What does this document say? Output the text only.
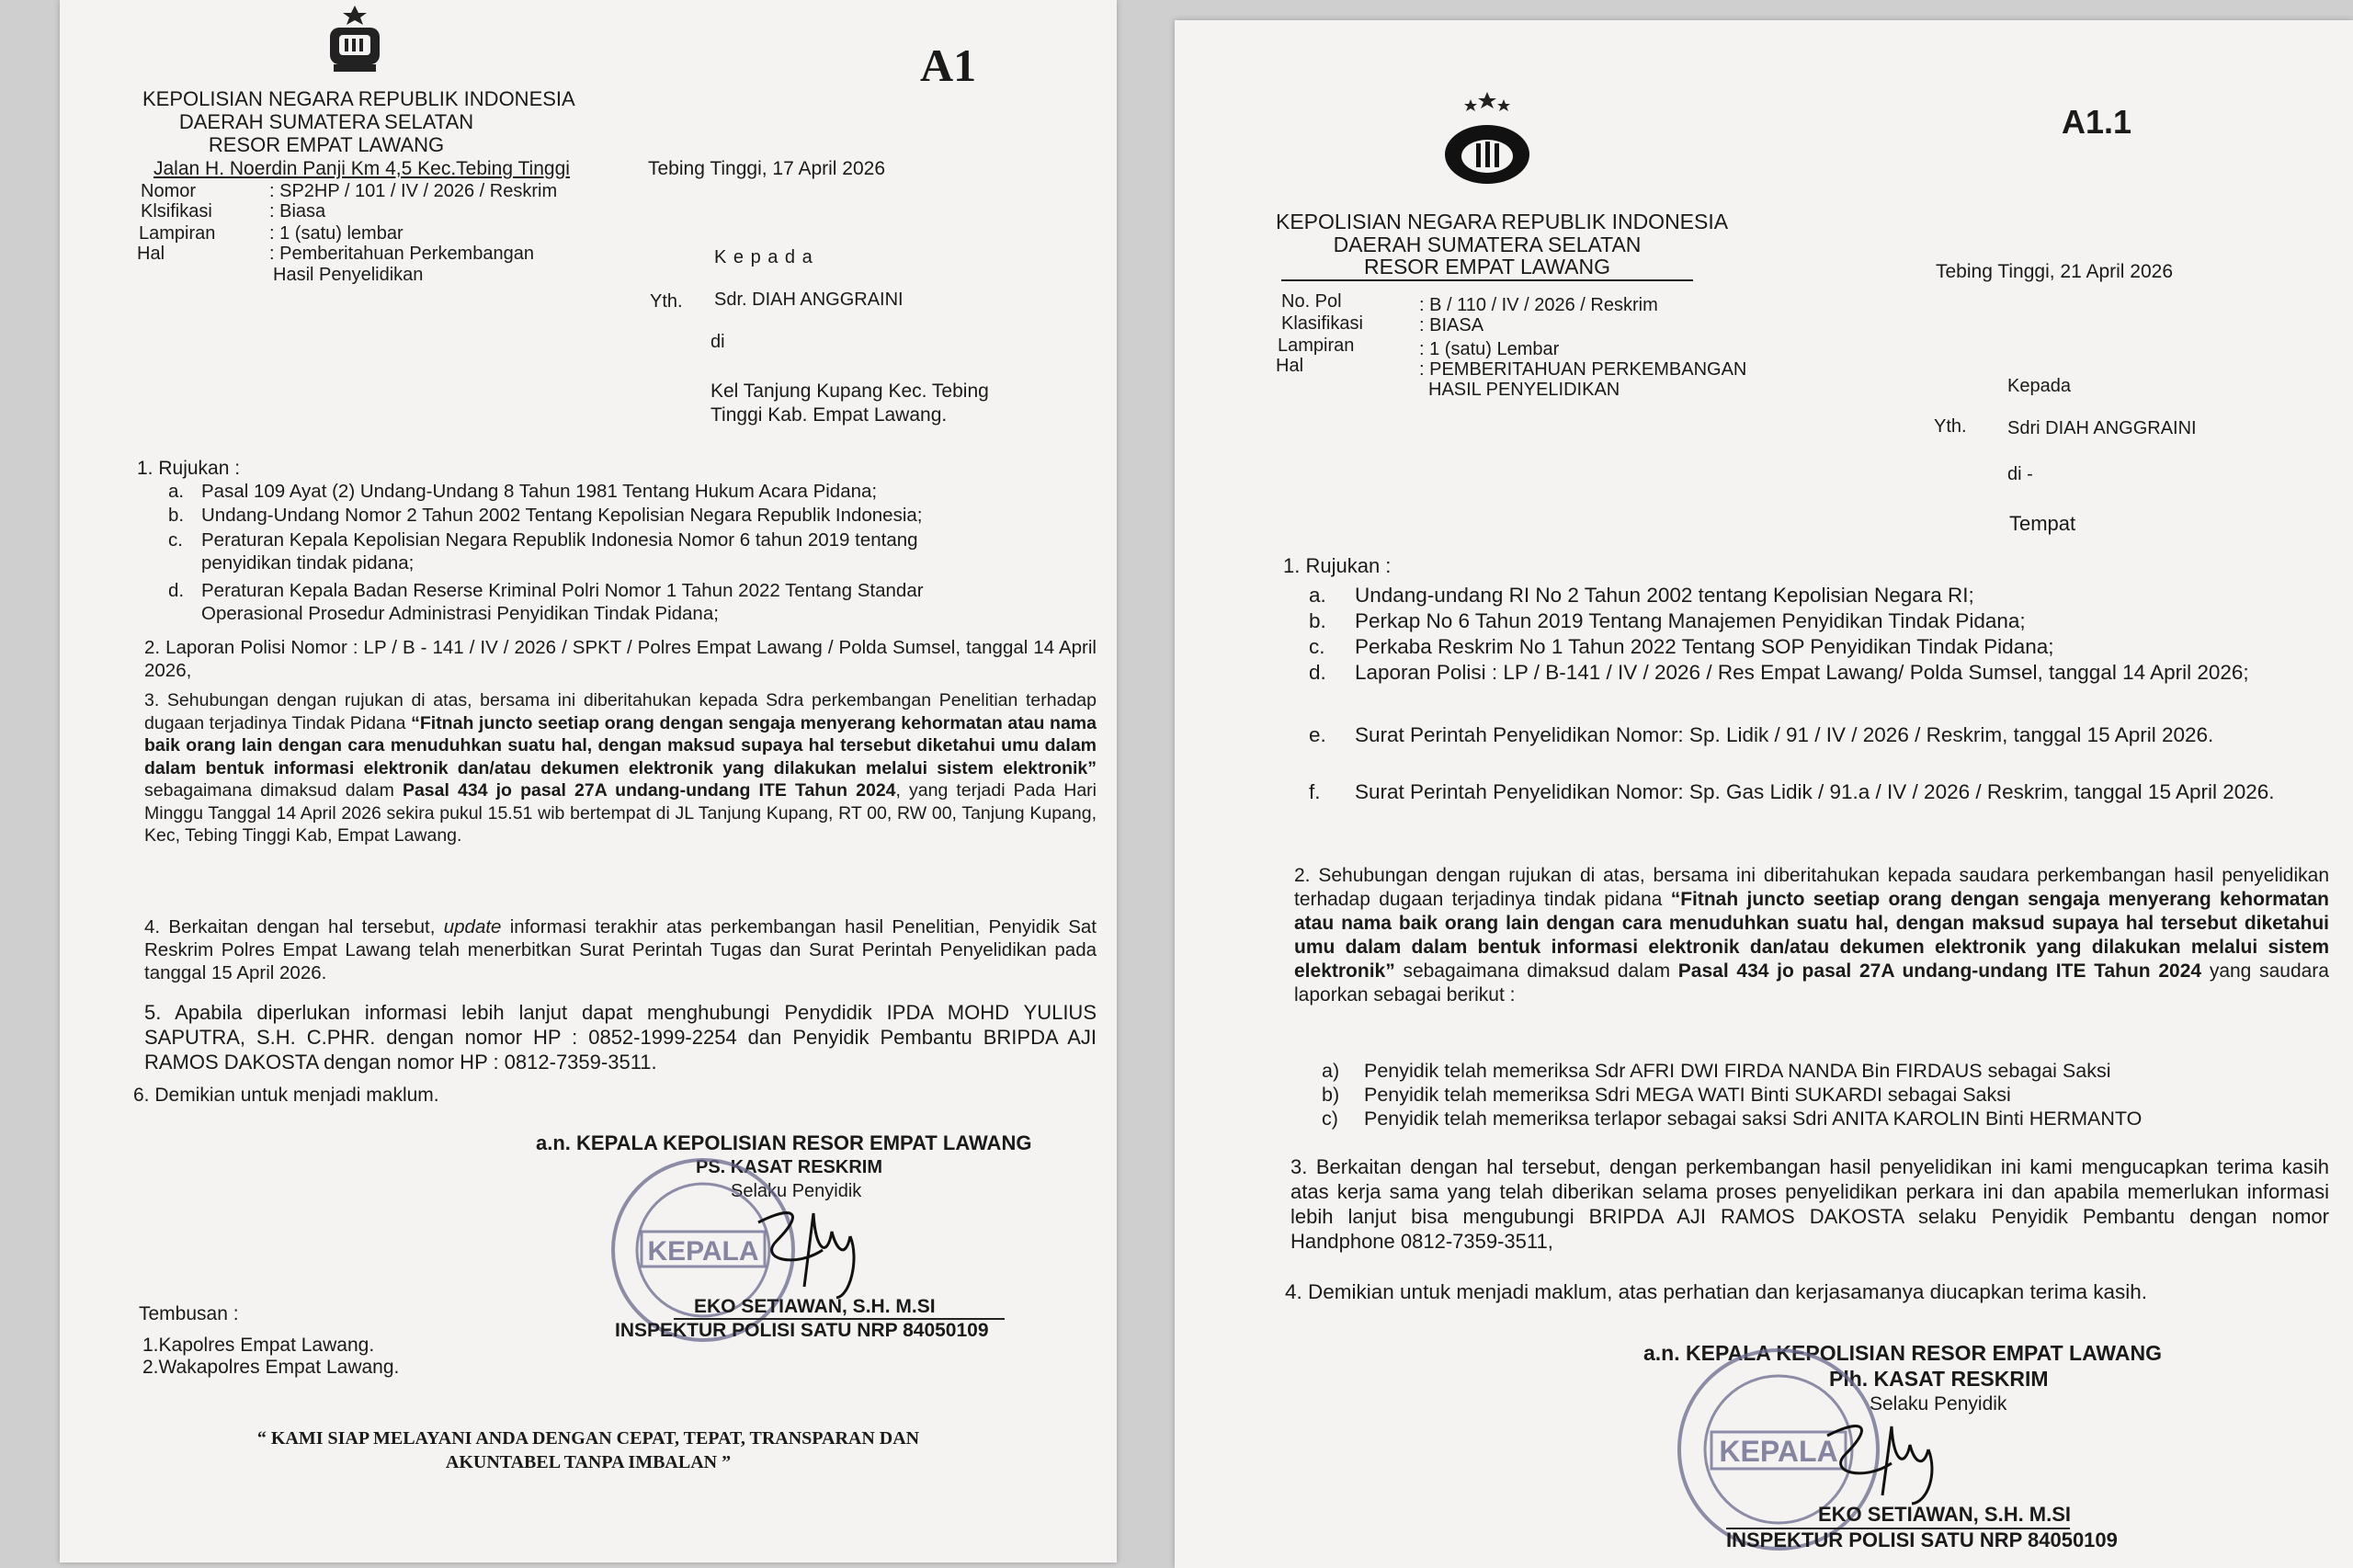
A1
KEPOLISIAN NEGARA REPUBLIK INDONESIA
DAERAH SUMATERA SELATAN
RESOR EMPAT LAWANG
Jalan H. Noerdin Panji Km 4,5 Kec.Tebing Tinggi	Tebing Tinggi, 17 April 2026
Nomor	: SP2HP / 101 / IV / 2026 / Reskrim
Klsifikasi	: Biasa
Lampiran	: 1 (satu) lembar
Hal	: Pemberitahuan Perkembangan
Hasil Penyelidikan
K e p a d a
Yth. Sdr. DIAH ANGGRAINI
di
Kel Tanjung Kupang Kec. Tebing
Tinggi Kab. Empat Lawang.
1. Rujukan :
a. Pasal 109 Ayat (2) Undang-Undang 8 Tahun 1981 Tentang Hukum Acara Pidana;
b. Undang-Undang Nomor 2 Tahun 2002 Tentang Kepolisian Negara Republik Indonesia;
c. Peraturan Kepala Kepolisian Negara Republik Indonesia Nomor 6 tahun 2019 tentang penyidikan tindak pidana;
d. Peraturan Kepala Badan Reserse Kriminal Polri Nomor 1 Tahun 2022 Tentang Standar Operasional Prosedur Administrasi Penyidikan Tindak Pidana;
2. Laporan Polisi Nomor : LP / B - 141 / IV / 2026 / SPKT / Polres Empat Lawang / Polda Sumsel, tanggal 14 April 2026,
3. Sehubungan dengan rujukan di atas, bersama ini diberitahukan kepada Sdra perkembangan Penelitian terhadap dugaan terjadinya Tindak Pidana “Fitnah juncto seetiap orang dengan sengaja menyerang kehormatan atau nama baik orang lain dengan cara menuduhkan suatu hal, dengan maksud supaya hal tersebut diketahui umu dalam dalam bentuk informasi elektronik dan/atau dekumen elektronik yang dilakukan melalui sistem elektronik” sebagaimana dimaksud dalam Pasal 434 jo pasal 27A undang-undang ITE Tahun 2024, yang terjadi Pada Hari Minggu Tanggal 14 April 2026 sekira pukul 15.51 wib bertempat di JL Tanjung Kupang, RT 00, RW 00, Tanjung Kupang, Kec, Tebing Tinggi Kab, Empat Lawang.
4. Berkaitan dengan hal tersebut, update informasi terakhir atas perkembangan hasil Penelitian, Penyidik Sat Reskrim Polres Empat Lawang telah menerbitkan Surat Perintah Tugas dan Surat Perintah Penyelidikan pada tanggal 15 April 2026.
5. Apabila diperlukan informasi lebih lanjut dapat menghubungi Penydidik IPDA MOHD YULIUS SAPUTRA, S.H. C.PHR. dengan nomor HP : 0852-1999-2254 dan Penyidik Pembantu BRIPDA AJI RAMOS DAKOSTA dengan nomor HP : 0812-7359-3511.
6. Demikian untuk menjadi maklum.
a.n. KEPALA KEPOLISIAN RESOR EMPAT LAWANG
PS. KASAT RESKRIM
Selaku Penyidik
KEPALA
EKO SETIAWAN, S.H. M.SI
INSPEKTUR POLISI SATU NRP 84050109
Tembusan :
1.Kapolres Empat Lawang.
2.Wakapolres Empat Lawang.
“ KAMI SIAP MELAYANI ANDA DENGAN CEPAT, TEPAT, TRANSPARAN DAN
AKUNTABEL TANPA IMBALAN ”
A1.1
KEPOLISIAN NEGARA REPUBLIK INDONESIA
DAERAH SUMATERA SELATAN
RESOR EMPAT LAWANG	Tebing Tinggi, 21 April 2026
No. Pol	: B / 110 / IV / 2026 / Reskrim
Klasifikasi	: BIASA
Lampiran	: 1 (satu) Lembar
Hal	: PEMBERITAHUAN PERKEMBANGAN
HASIL PENYELIDIKAN	Kepada
Yth. Sdri DIAH ANGGRAINI
di -
Tempat
1. Rujukan :
a.	Undang-undang RI No 2 Tahun 2002 tentang Kepolisian Negara RI;
b.	Perkap No 6 Tahun 2019 Tentang Manajemen Penyidikan Tindak Pidana;
c.	Perkaba Reskrim No 1 Tahun 2022 Tentang SOP Penyidikan Tindak Pidana;
d.	Laporan Polisi : LP / B-141 / IV / 2026 / Res Empat Lawang/ Polda Sumsel, tanggal 14 April 2026;
e.	Surat Perintah Penyelidikan Nomor: Sp. Lidik / 91 / IV / 2026 / Reskrim, tanggal 15 April 2026.
f.	Surat Perintah Penyelidikan Nomor: Sp. Gas Lidik / 91.a / IV / 2026 / Reskrim, tanggal 15 April 2026.
2. Sehubungan dengan rujukan di atas, bersama ini diberitahukan kepada saudara perkembangan hasil penyelidikan terhadap dugaan terjadinya tindak pidana “Fitnah juncto seetiap orang dengan sengaja menyerang kehormatan atau nama baik orang lain dengan cara menuduhkan suatu hal, dengan maksud supaya hal tersebut diketahui umu dalam dalam bentuk informasi elektronik dan/atau dekumen elektronik yang dilakukan melalui sistem elektronik” sebagaimana dimaksud dalam Pasal 434 jo pasal 27A undang-undang ITE Tahun 2024 yang saudara laporkan sebagai berikut :
a)	Penyidik telah memeriksa Sdr AFRI DWI FIRDA NANDA Bin FIRDAUS sebagai Saksi
b)	Penyidik telah memeriksa Sdri MEGA WATI Binti SUKARDI sebagai Saksi
c)	Penyidik telah memeriksa terlapor sebagai saksi Sdri ANITA KAROLIN Binti HERMANTO
3. Berkaitan dengan hal tersebut, dengan perkembangan hasil penyelidikan ini kami mengucapkan terima kasih atas kerja sama yang telah diberikan selama proses penyelidikan perkara ini dan apabila memerlukan informasi lebih lanjut bisa mengubungi BRIPDA AJI RAMOS DAKOSTA selaku Penyidik Pembantu dengan nomor Handphone 0812-7359-3511,
4. Demikian untuk menjadi maklum, atas perhatian dan kerjasamanya diucapkan terima kasih.
a.n. KEPALA KEPOLISIAN RESOR EMPAT LAWANG
Plh. KASAT RESKRIM
Selaku Penyidik
KEPALA
EKO SETIAWAN, S.H. M.SI
INSPEKTUR POLISI SATU NRP 84050109
